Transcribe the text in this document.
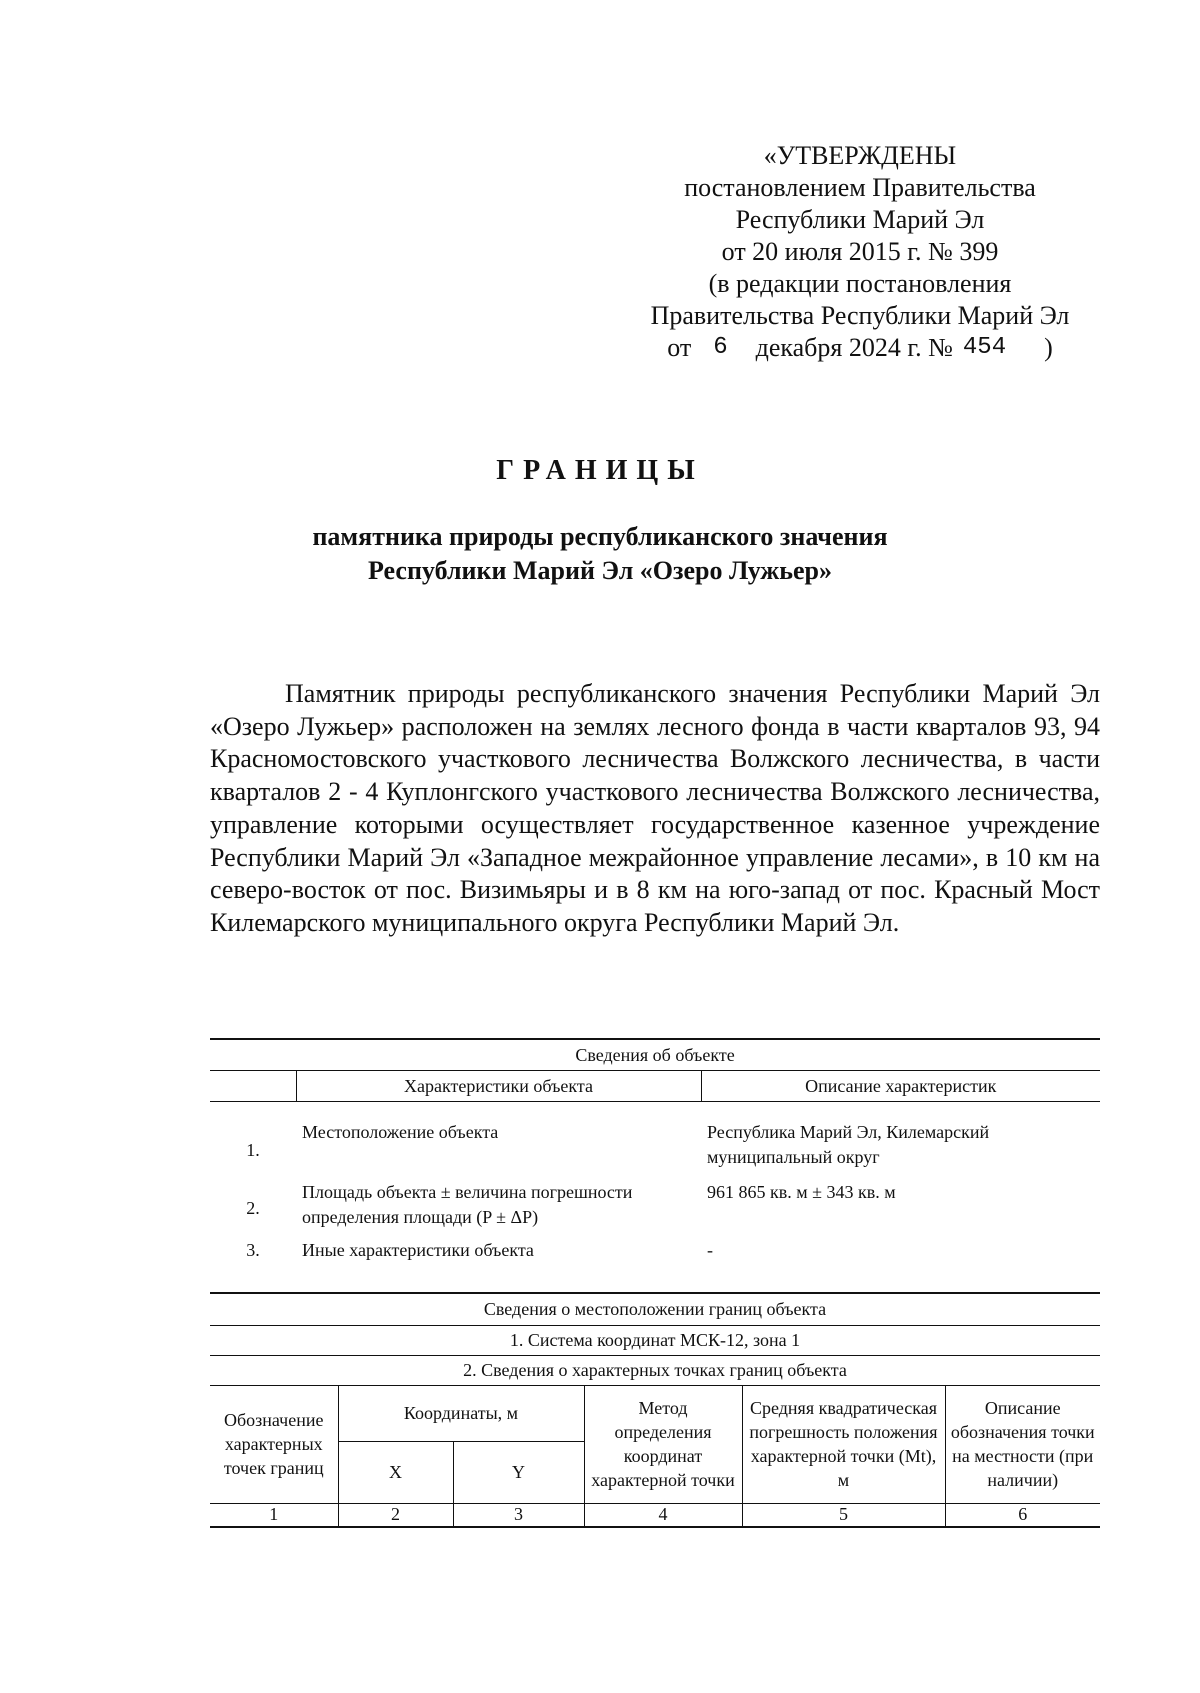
«УТВЕРЖДЕНЫ
постановлением Правительства
Республики Марий Эл
от 20 июля 2015 г. № 399
(в редакции постановления
Правительства Республики Марий Эл
от 6 декабря 2024 г. № 454 )
ГРАНИЦЫ
памятника природы республиканского значения
Республики Марий Эл «Озеро Лужьер»
Памятник природы республиканского значения Республики Марий Эл «Озеро Лужьер» расположен на землях лесного фонда в части кварталов 93, 94 Красномостовского участкового лесничества Волжского лесничества, в части кварталов 2 - 4 Куплонгского участкового лесничества Волжского лесничества, управление которыми осуществляет государственное казенное учреждение Республики Марий Эл «Западное межрайонное управление лесами», в 10 км на северо-восток от пос. Визимьяры и в 8 км на юго-запад от пос. Красный Мост Килемарского муниципального округа Республики Марий Эл.
Сведения об объекте		
	Характеристики объекта	Описание характеристик
1.	Местоположение объекта	Республика Марий Эл, Килемарский муниципальный округ
2.	Площадь объекта ± величина погрешности определения площади (P ± ΔP)	961 865 кв. м ± 343 кв. м
3.	Иные характеристики объекта	-
Сведения о местоположении границ объекта					
1. Система координат МСК-12, зона 1					
2. Сведения о характерных точках границ объекта					
Обозначение характерных точек границ	Координаты, м		Метод определения координат характерной точки	Средняя квадратическая погрешность положения характерной точки (Mt), м	Описание обозначения точки на местности (при наличии)
	X	Y			
1	2	3	4	5	6
